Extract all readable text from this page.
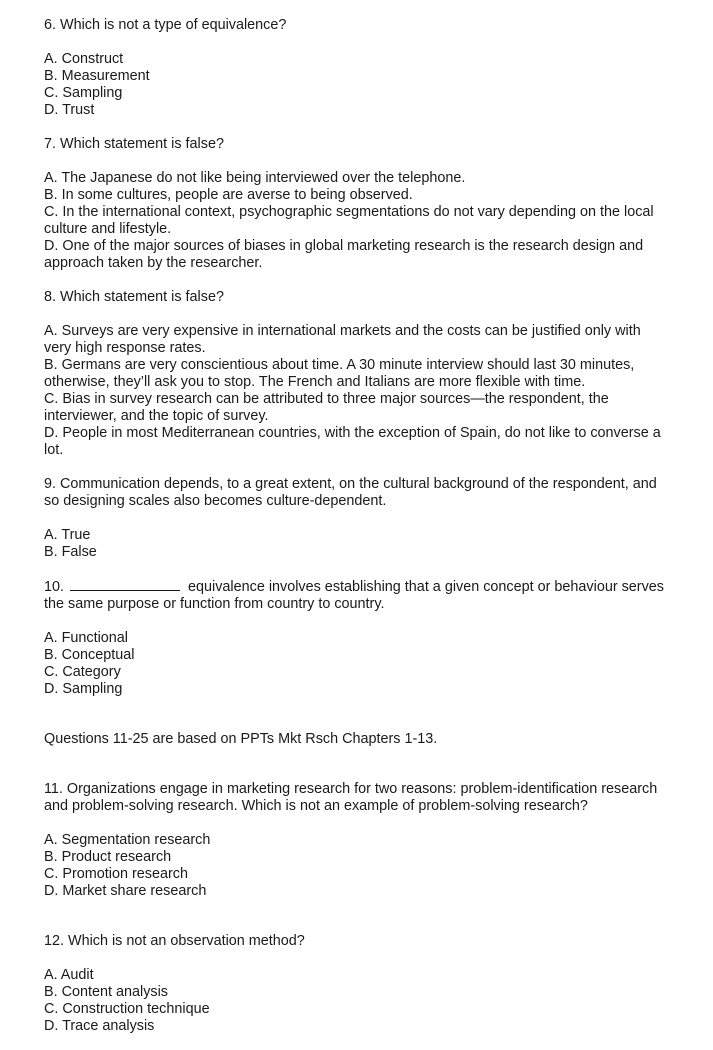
6. Which is not a type of equivalence?
A. Construct
B. Measurement
C. Sampling
D. Trust
7. Which statement is false?
A. The Japanese do not like being interviewed over the telephone.
B. In some cultures, people are averse to being observed.
C. In the international context, psychographic segmentations do not vary depending on the local
culture and lifestyle.
D. One of the major sources of biases in global marketing research is the research design and
approach taken by the researcher.
8. Which statement is false?
A. Surveys are very expensive in international markets and the costs can be justified only with
very high response rates.
B. Germans are very conscientious about time. A 30 minute interview should last 30 minutes,
otherwise, they’ll ask you to stop. The French and Italians are more flexible with time.
C. Bias in survey research can be attributed to three major sources—the respondent, the
interviewer, and the topic of survey.
D. People in most Mediterranean countries, with the exception of Spain, do not like to converse a
lot.
9. Communication depends, to a great extent, on the cultural background of the respondent, and
so designing scales also becomes culture-dependent.
A. True
B. False
10.	equivalence involves establishing that a given concept or behaviour serves
the same purpose or function from country to country.
A. Functional
B. Conceptual
C. Category
D. Sampling
Questions 11-25 are based on PPTs Mkt Rsch Chapters 1-13.
11. Organizations engage in marketing research for two reasons: problem-identification research
and problem-solving research. Which is not an example of problem-solving research?
A. Segmentation research
B. Product research
C. Promotion research
D. Market share research
12. Which is not an observation method?
A. Audit
B. Content analysis
C. Construction technique
D. Trace analysis
